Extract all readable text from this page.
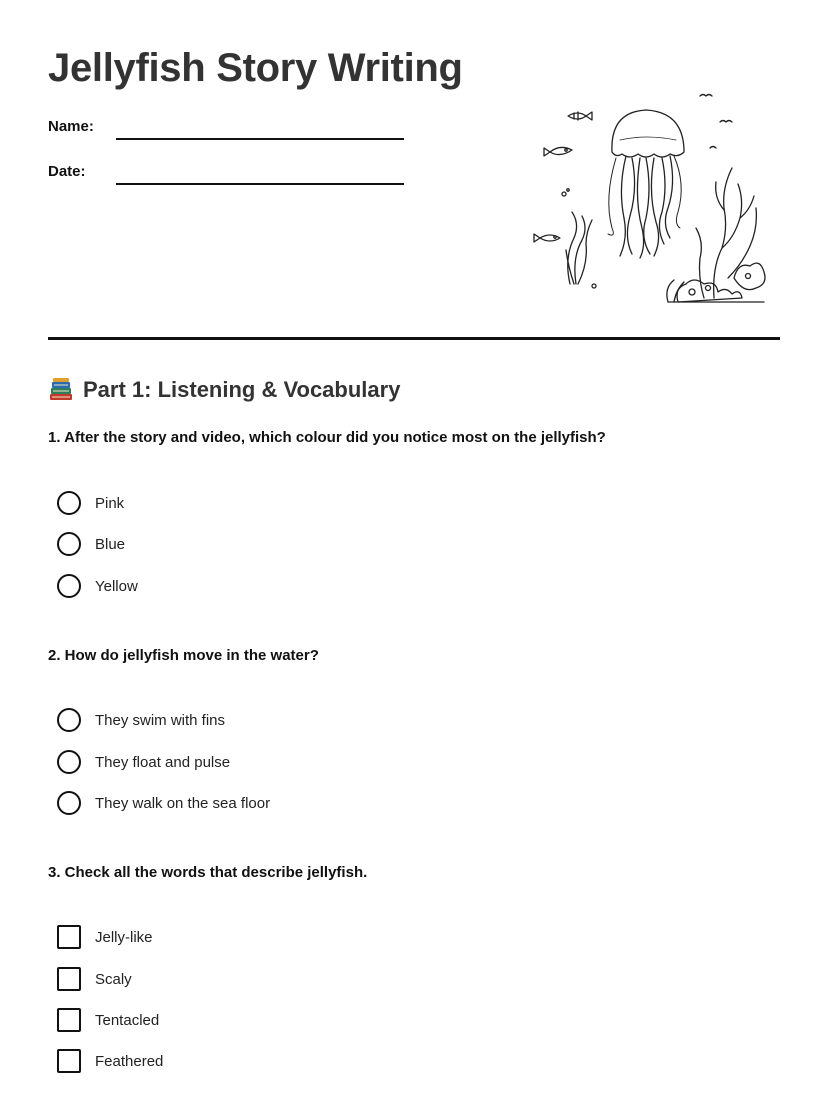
Jellyfish Story Writing
Name:
Date:
Part 1: Listening & Vocabulary
1. After the story and video, which colour did you notice most on the jellyfish?
Pink
Blue
Yellow
2. How do jellyfish move in the water?
They swim with fins
They float and pulse
They walk on the sea floor
3. Check all the words that describe jellyfish.
Jelly-like
Scaly
Tentacled
Feathered
